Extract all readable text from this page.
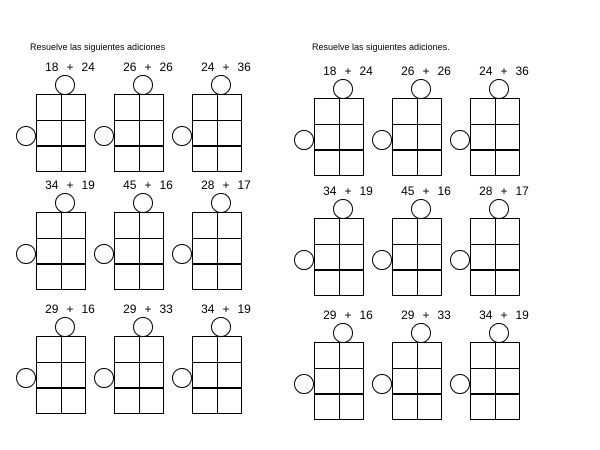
Resuelve las siguientes adiciones
18 + 24	26 + 26	24 + 36
34 + 19	45 + 16	28 + 17
29 + 16	29 + 33	34 + 19
Resuelve las siguientes adiciones.
18 + 24	26 + 26	24 + 36
34 + 19	45 + 16	28 + 17
29 + 16	29 + 33	34 + 19
